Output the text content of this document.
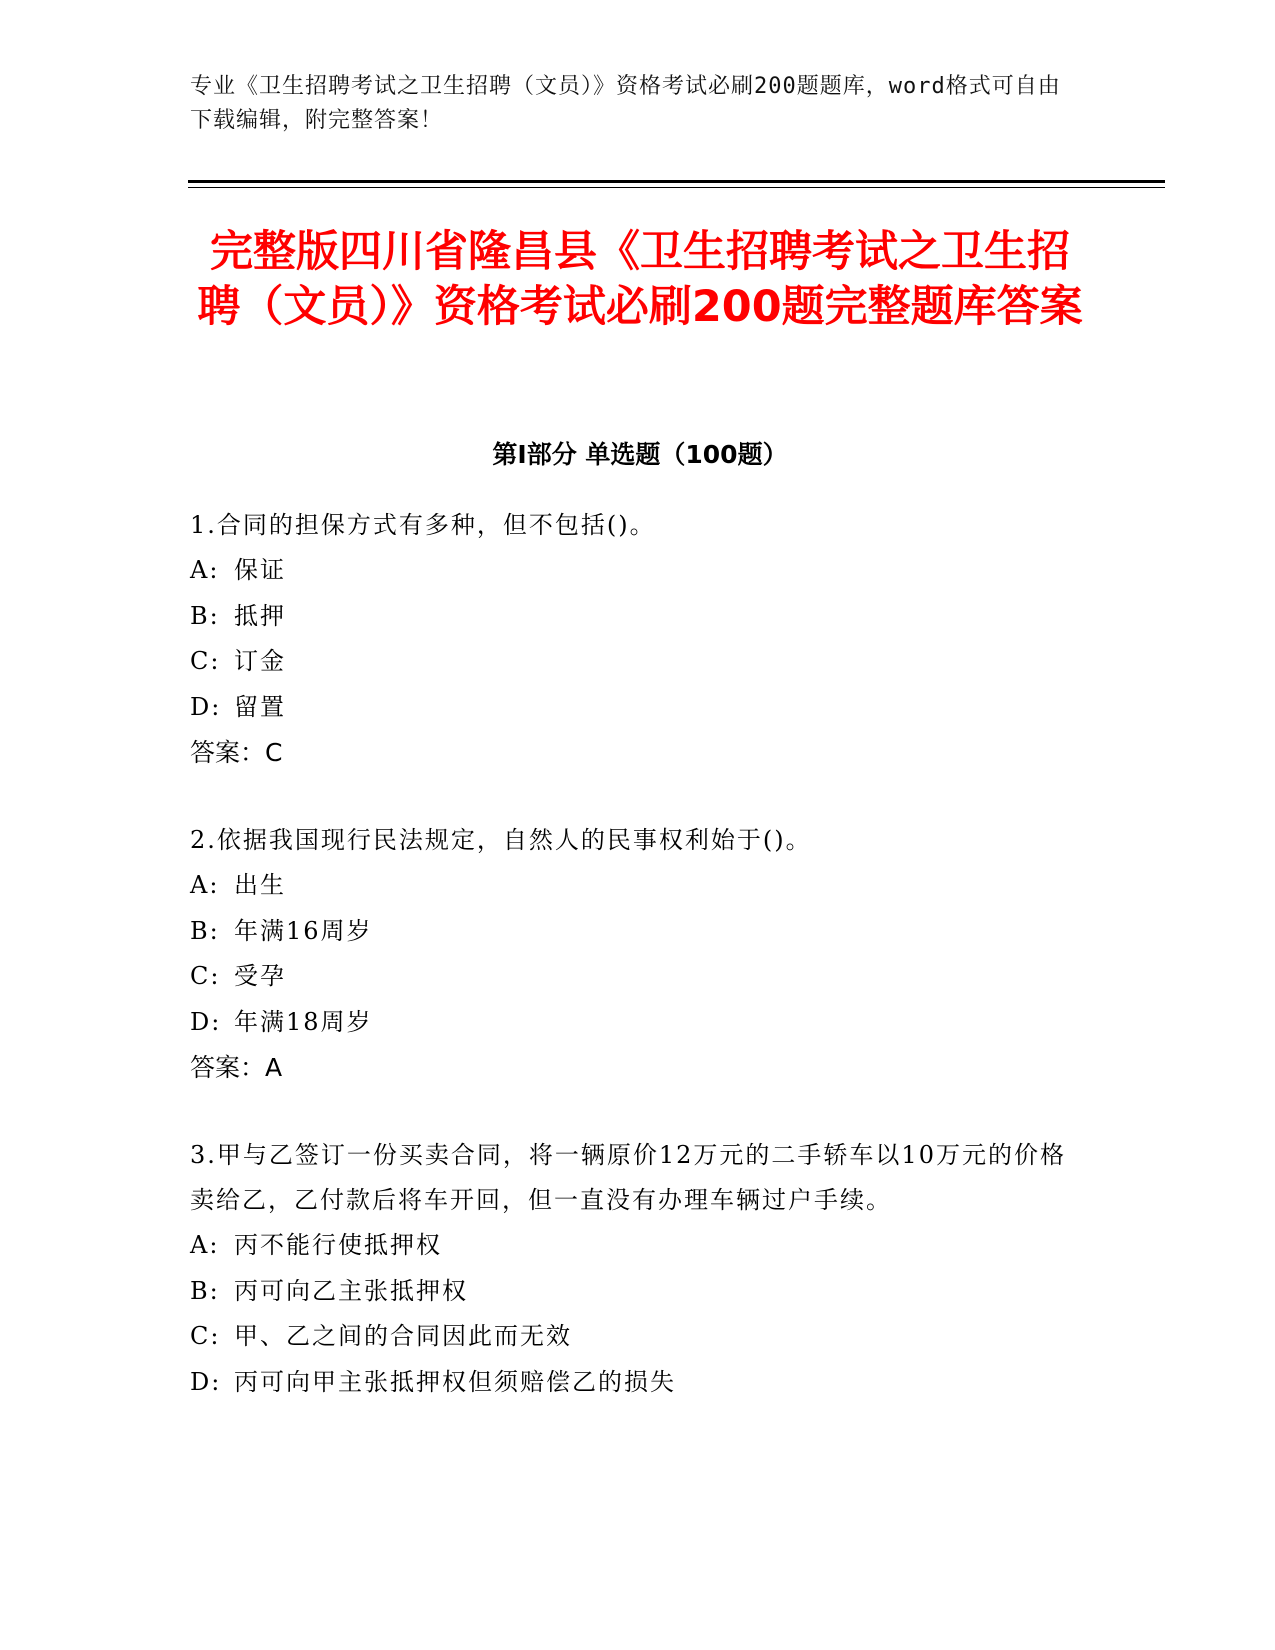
专业《卫生招聘考试之卫生招聘（文员）》资格考试必刷200题题库，word格式可自由下载编辑，附完整答案！
完整版四川省隆昌县《卫生招聘考试之卫生招聘（文员）》资格考试必刷200题完整题库答案
第I部分 单选题（100题）

1.合同的担保方式有多种，但不包括()。

A: 保证

B: 抵押

C: 订金

D: 留置

答案：C

2.依据我国现行民法规定，自然人的民事权利始于()。

A: 出生

B: 年满16周岁

C: 受孕

D: 年满18周岁

答案：A

3.甲与乙签订一份买卖合同，将一辆原价12万元的二手轿车以10万元的价格卖给乙，乙付款后将车开回，但一直没有办理车辆过户手续。

A: 丙不能行使抵押权

B: 丙可向乙主张抵押权

C: 甲、乙之间的合同因此而无效

D: 丙可向甲主张抵押权但须赔偿乙的损失
